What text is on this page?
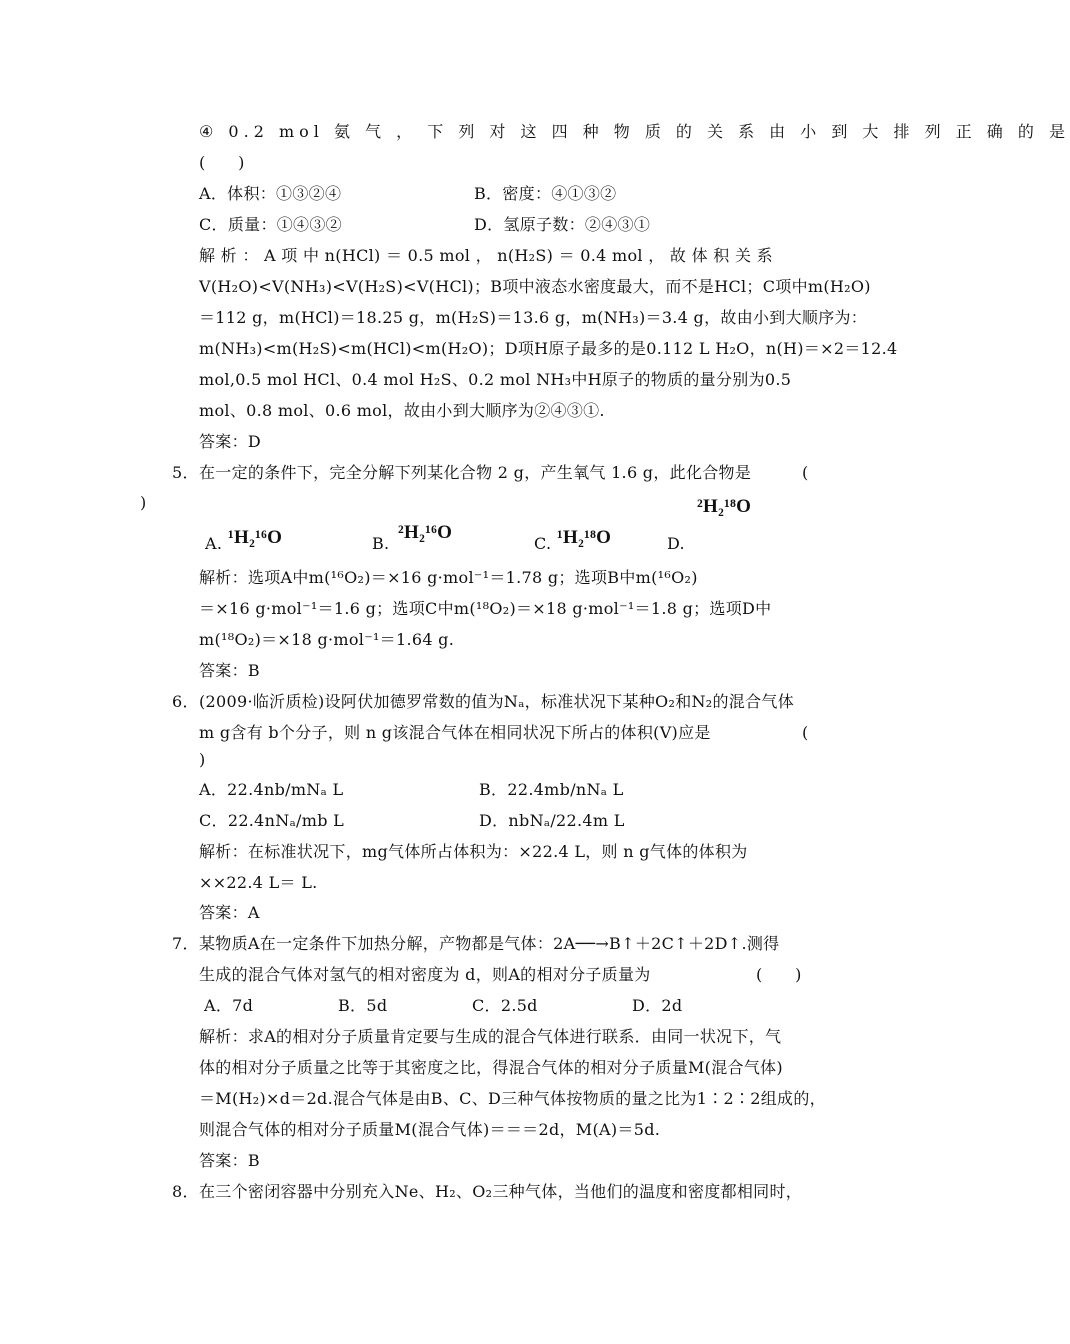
④ 0.2 mol 氨 气 ， 下 列 对 这 四 种 物 质 的 关 系 由 小 到 大 排 列 正 确 的 是
(　　)
A．体积：①③②④	B．密度：④①③②
C．质量：①④③②	D．氢原子数：②④③①
解 析 ： A 项 中 n(HCl) ＝ 0.5 mol ， n(H₂S) ＝ 0.4 mol ， 故 体 积 关 系
V(H₂O)<V(NH₃)<V(H₂S)<V(HCl)；B项中液态水密度最大，而不是HCl；C项中m(H₂O)
＝112 g，m(HCl)＝18.25 g，m(H₂S)＝13.6 g，m(NH₃)＝3.4 g，故由小到大顺序为：
m(NH₃)<m(H₂S)<m(HCl)<m(H₂O)；D项H原子最多的是0.112 L H₂O，n(H)＝×2＝12.4
mol,0.5 mol HCl、0.4 mol H₂S、0.2 mol NH₃中H原子的物质的量分别为0.5
mol、0.8 mol、0.6 mol，故由小到大顺序为②④③①.
答案：D
5． 在一定的条件下，完全分解下列某化合物 2 g，产生氧气 1.6 g，此化合物是	(
)	²H₂¹⁸O
A. ¹H₂¹⁶O	B.
²H₂¹⁶O
C. ¹H₂¹⁸O	D.
解析：选项A中m(¹⁶O₂)＝×16 g·mol⁻¹＝1.78 g；选项B中m(¹⁶O₂)
＝×16 g·mol⁻¹＝1.6 g；选项C中m(¹⁸O₂)＝×18 g·mol⁻¹＝1.8 g；选项D中
m(¹⁸O₂)＝×18 g·mol⁻¹＝1.64 g.
答案：B
6． (2009·临沂质检)设阿伏加德罗常数的值为Nₐ，标准状况下某种O₂和N₂的混合气体
m g含有 b个分子，则 n g该混合气体在相同状况下所占的体积(V)应是	(
)
A．22.4nb/mNₐ L	B．22.4mb/nNₐ L
C．22.4nNₐ/mb L	D．nbNₐ/22.4m L
解析：在标准状况下，mg气体所占体积为：×22.4 L，则 n g气体的体积为
××22.4 L＝ L.
答案：A
7． 某物质A在一定条件下加热分解，产物都是气体：2A──→B↑＋2C↑＋2D↑.测得
生成的混合气体对氢气的相对密度为 d，则A的相对分子质量为	(　　)
A．7d	B．5d	C．2.5d	D．2d
解析：求A的相对分子质量肯定要与生成的混合气体进行联系．由同一状况下，气
体的相对分子质量之比等于其密度之比，得混合气体的相对分子质量M(混合气体)
＝M(H₂)×d＝2d.混合气体是由B、C、D三种气体按物质的量之比为1∶2∶2组成的，
则混合气体的相对分子质量M(混合气体)＝＝＝2d，M(A)＝5d.
答案：B
8． 在三个密闭容器中分别充入Ne、H₂、O₂三种气体，当他们的温度和密度都相同时，
